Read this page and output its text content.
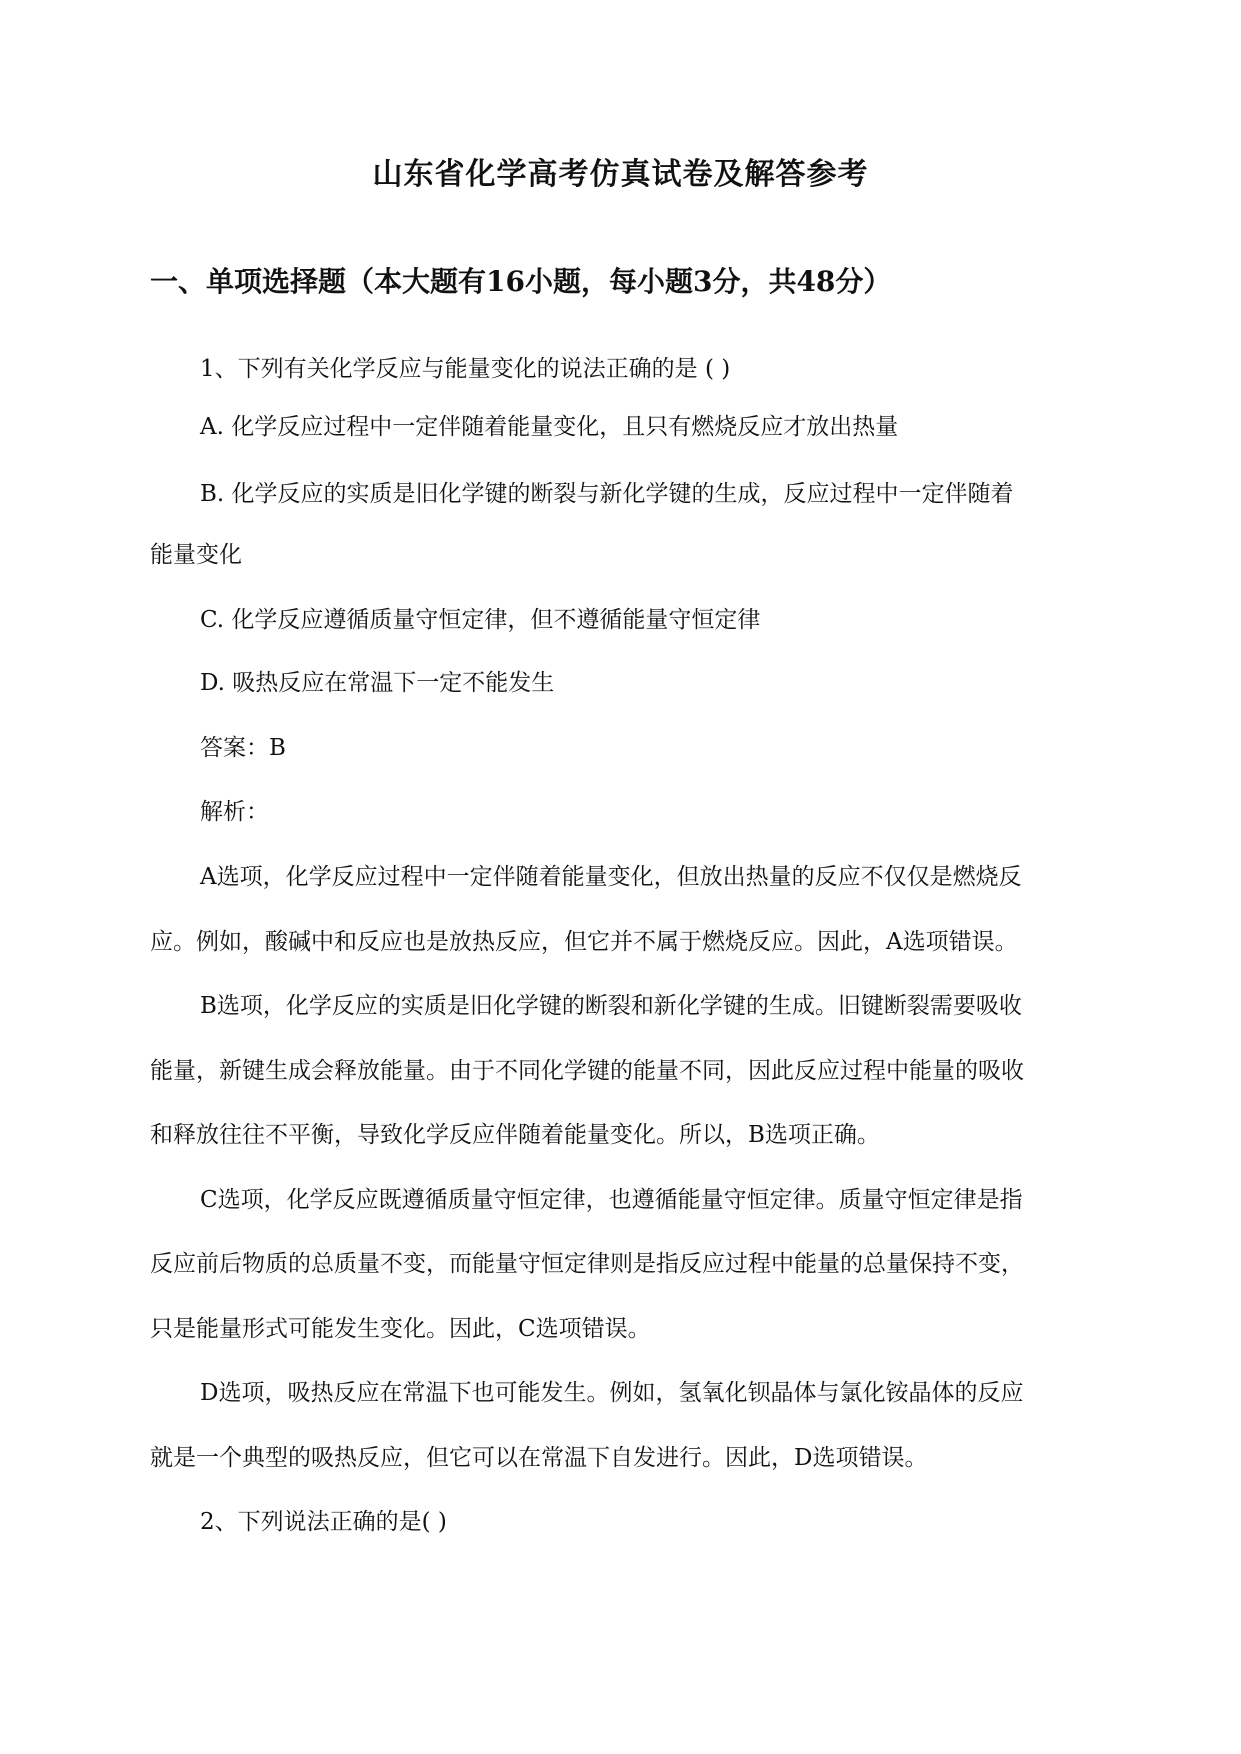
山东省化学高考仿真试卷及解答参考
一、单项选择题（本大题有16小题，每小题3分，共48分）
1、下列有关化学反应与能量变化的说法正确的是 ( )
A. 化学反应过程中一定伴随着能量变化，且只有燃烧反应才放出热量
B. 化学反应的实质是旧化学键的断裂与新化学键的生成，反应过程中一定伴随着
能量变化
C. 化学反应遵循质量守恒定律，但不遵循能量守恒定律
D. 吸热反应在常温下一定不能发生
答案：B
解析：
A选项，化学反应过程中一定伴随着能量变化，但放出热量的反应不仅仅是燃烧反
应。例如，酸碱中和反应也是放热反应，但它并不属于燃烧反应。因此，A选项错误。
B选项，化学反应的实质是旧化学键的断裂和新化学键的生成。旧键断裂需要吸收
能量，新键生成会释放能量。由于不同化学键的能量不同，因此反应过程中能量的吸收
和释放往往不平衡，导致化学反应伴随着能量变化。所以，B选项正确。
C选项，化学反应既遵循质量守恒定律，也遵循能量守恒定律。质量守恒定律是指
反应前后物质的总质量不变，而能量守恒定律则是指反应过程中能量的总量保持不变，
只是能量形式可能发生变化。因此，C选项错误。
D选项，吸热反应在常温下也可能发生。例如，氢氧化钡晶体与氯化铵晶体的反应
就是一个典型的吸热反应，但它可以在常温下自发进行。因此，D选项错误。
2、下列说法正确的是( )
